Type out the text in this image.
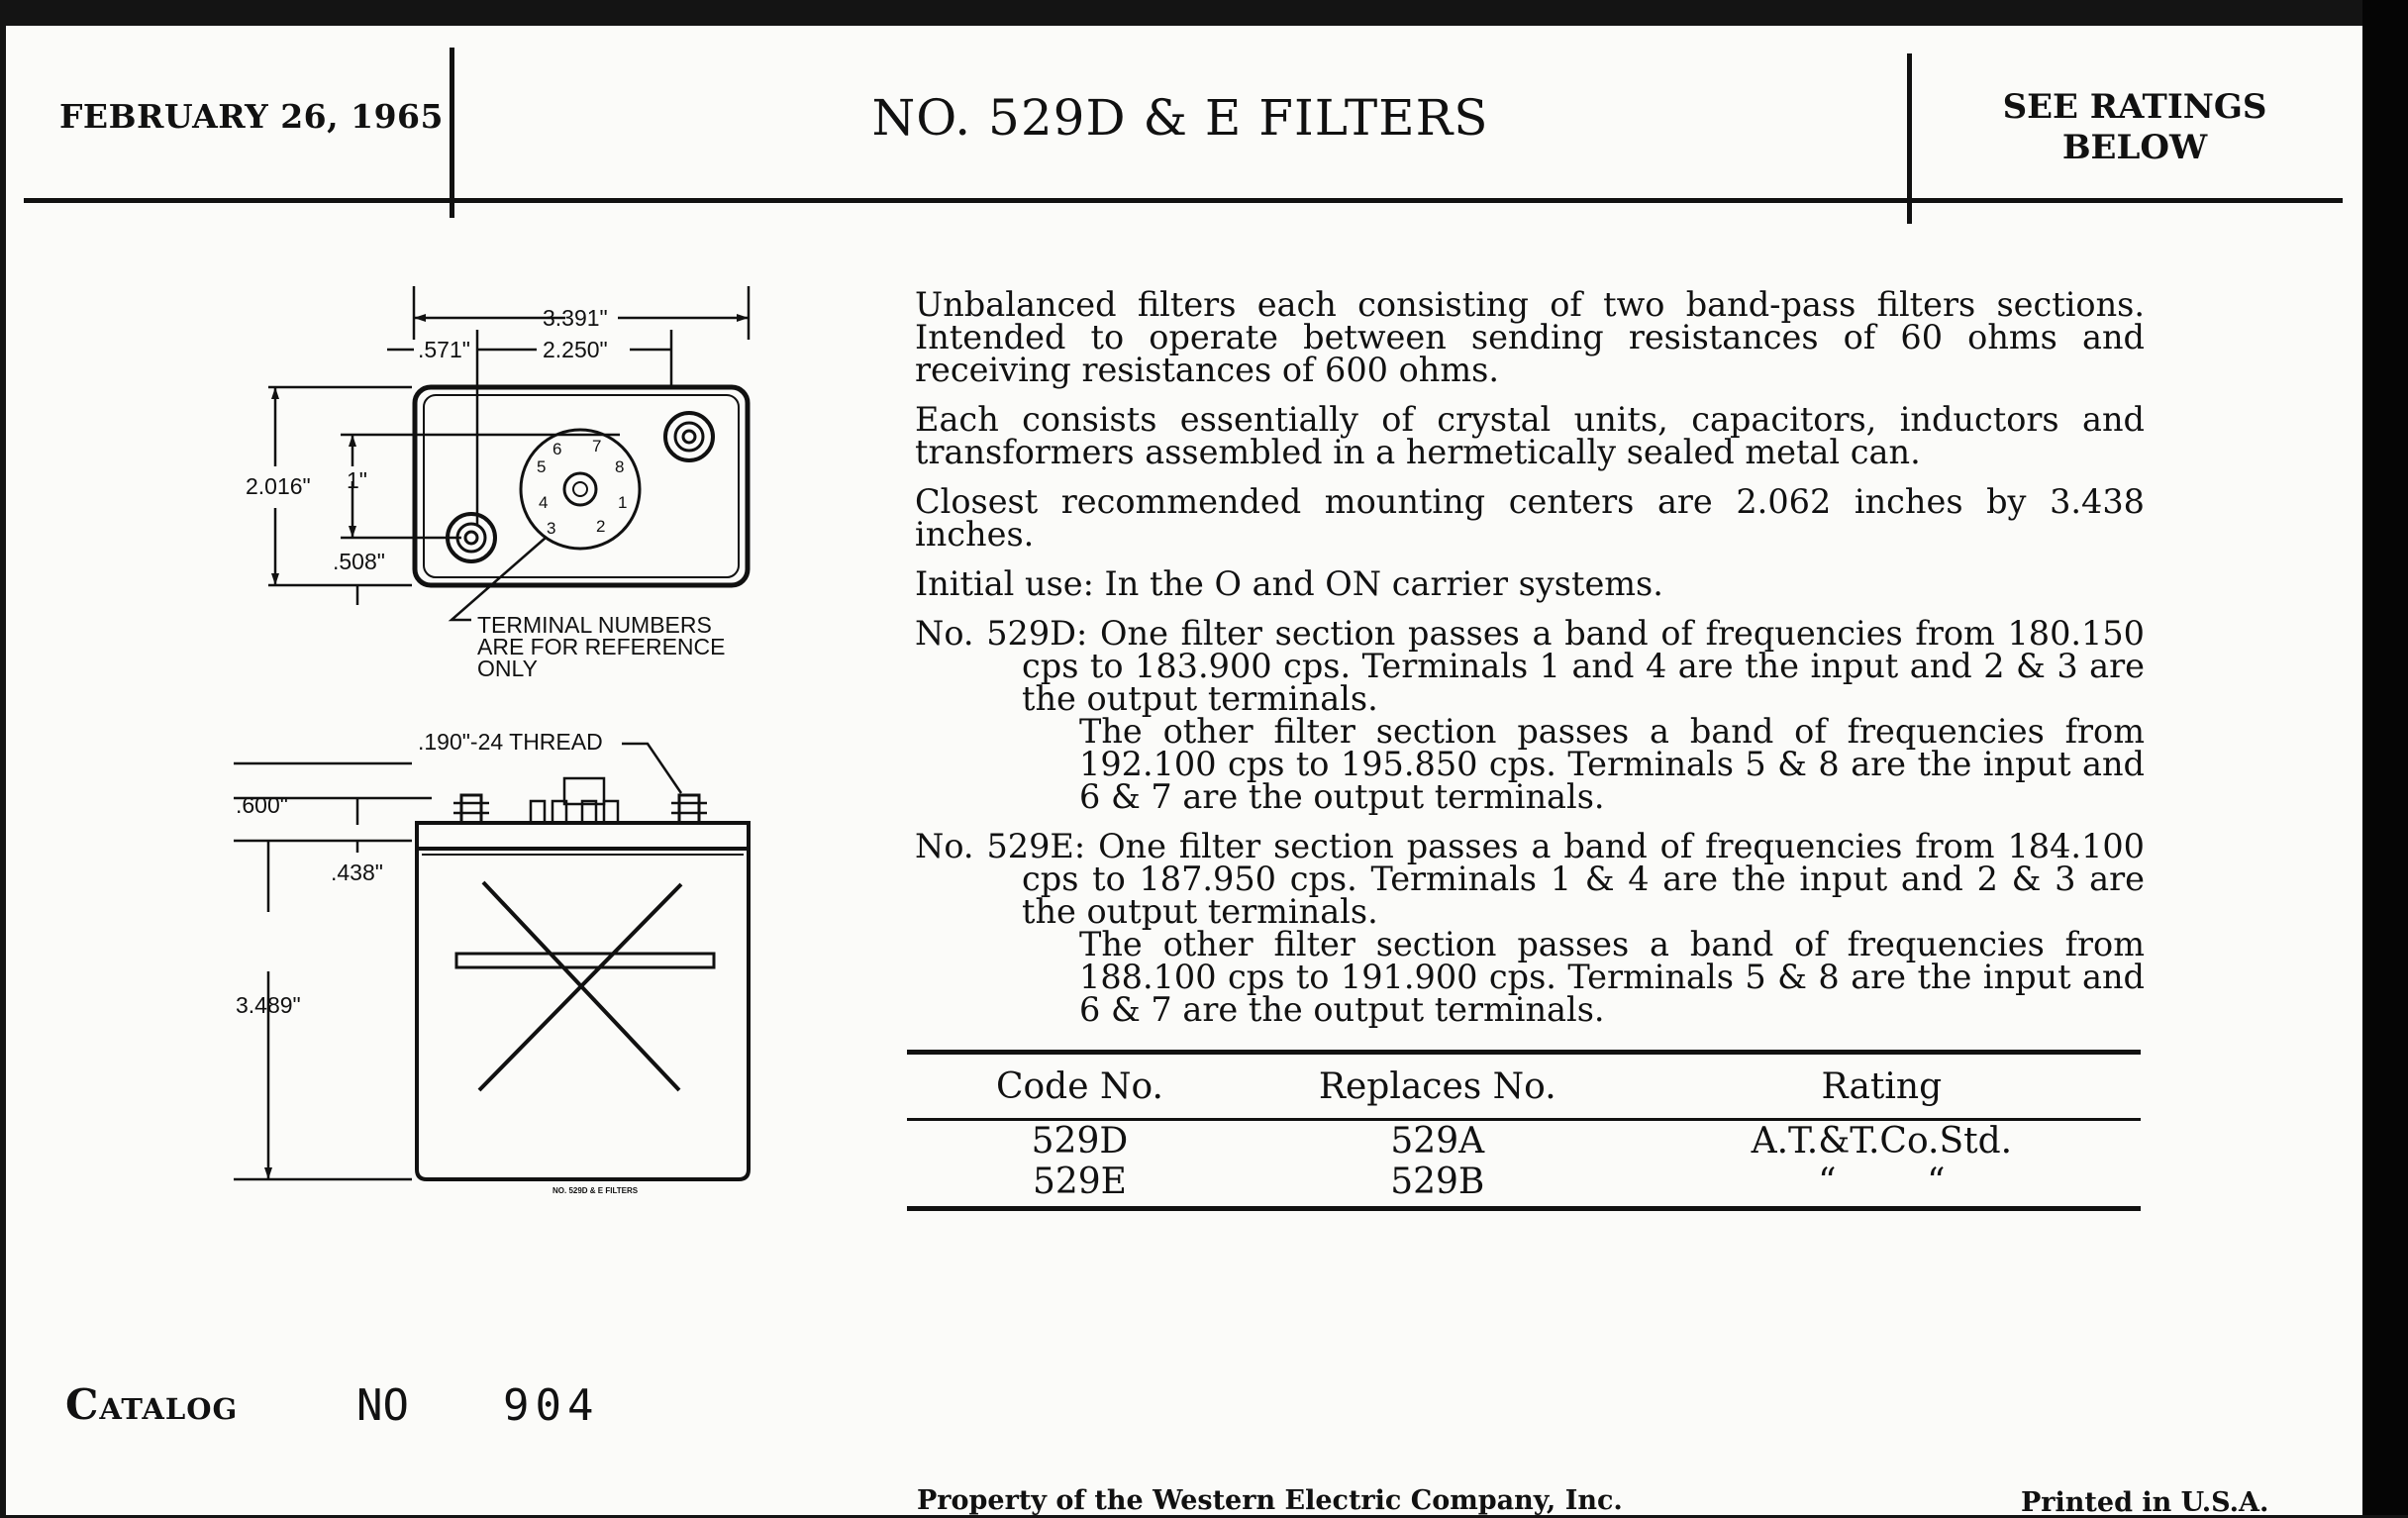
FEBRUARY 26, 1965	NO. 529D & E FILTERS	SEE RATINGS
BELOW
3.391"
.571"	2.250"
2.016" 1"
.508"
TERMINAL NUMBERS
ARE FOR REFERENCE
ONLY
.190"-24 THREAD
.600"
.438"
3.489"
6 7
8
5
1
2
3
4
NO. 529D & E FILTERS

Unbalanced filters each consisting of two band-pass filters sections. Intended to operate between sending resistances of 60 ohms and receiving resistances of 600 ohms.

Each consists essentially of crystal units, capacitors, inductors and transformers assembled in a hermetically sealed metal can.

Closest recommended mounting centers are 2.062 inches by 3.438 inches.

Initial use: In the O and ON carrier systems.

No. 529D: One filter section passes a band of frequencies from 180.150 cps to 183.900 cps. Terminals 1 and 4 are the input and 2 & 3 are the output terminals.
The other filter section passes a band of frequencies from 192.100 cps to 195.850 cps. Terminals 5 & 8 are the input and 6 & 7 are the output terminals.

No. 529E: One filter section passes a band of frequencies from 184.100 cps to 187.950 cps. Terminals 1 & 4 are the input and 2 & 3 are the output terminals.
The other filter section passes a band of frequencies from 188.100 cps to 191.900 cps. Terminals 5 & 8 are the input and 6 & 7 are the output terminals.

Code No.	Replaces No.	Rating

529D	529A	A.T.&T.Co.Std.
529E	529B	“        “
Catalog	NO 904
Property of the Western Electric Company, Inc.	Printed in U.S.A.
